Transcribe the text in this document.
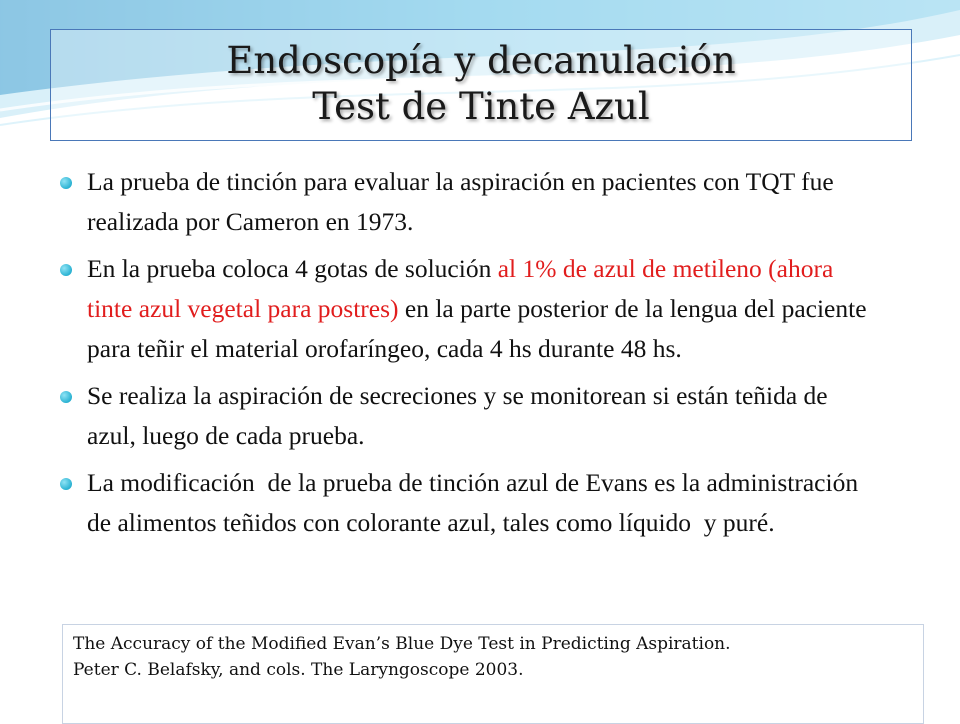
Endoscopía y decanulación
Test de Tinte Azul
La prueba de tinción para evaluar la aspiración en pacientes con TQT fue realizada por Cameron en 1973.
En la prueba coloca 4 gotas de solución al 1% de azul de metileno (ahora tinte azul vegetal para postres) en la parte posterior de la lengua del paciente para teñir el material orofaríngeo, cada 4 hs durante 48 hs.
Se realiza la aspiración de secreciones y se monitorean si están teñida de azul, luego de cada prueba.
La modificación  de la prueba de tinción azul de Evans es la administración de alimentos teñidos con colorante azul, tales como líquido  y puré.
The Accuracy of the Modified Evan’s Blue Dye Test in Predicting Aspiration.
Peter C. Belafsky, and cols. The Laryngoscope 2003.
